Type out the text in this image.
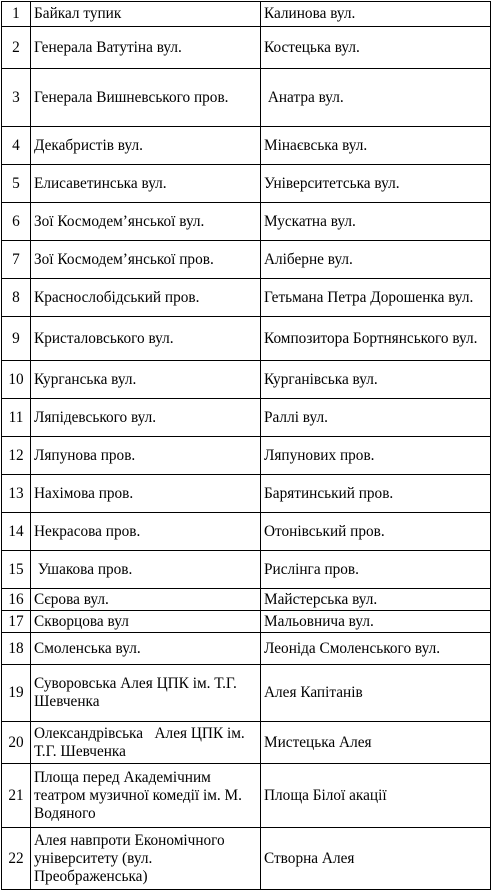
1	Байкал тупик	Калинова вул.
2	Генерала Ватутіна вул.	Костецька вул.
3	Генерала Вишневського пров.	Анатра вул.
4	Декабристів вул.	Мінаєвська вул.
5	Елисаветинська вул.	Університетська вул.
6	Зої Космодем’янської вул.	Мускатна вул.
7	Зої Космодем’янської пров.	Аліберне вул.
8	Краснослобідський пров.	Гетьмана Петра Дорошенка вул.
9	Кристаловського вул.	Композитора Бортнянського вул.
10	Курганська вул.	Курганівська вул.
11	Ляпідевського вул.	Раллі вул.
12	Ляпунова пров.	Ляпунових пров.
13	Нахімова пров.	Барятинський пров.
14	Некрасова пров.	Отонівський пров.
15	Ушакова пров.	Рислінга пров.
16	Сєрова вул.	Майстерська вул.
17	Скворцова вул	Мальовнича вул.
18	Смоленська вул.	Леоніда Смоленського вул.
19	Суворовська Алея ЦПК ім. Т.Г. Шевченка	Алея Капітанів
20	Олександрівська   Алея ЦПК ім. Т.Г. Шевченка	Мистецька Алея
21	Площа перед Академічним театром музичної комедії ім. М. Водяного	Площа Білої акації
22	Алея навпроти Економічного університету (вул. Преображенська)	Створна Алея
